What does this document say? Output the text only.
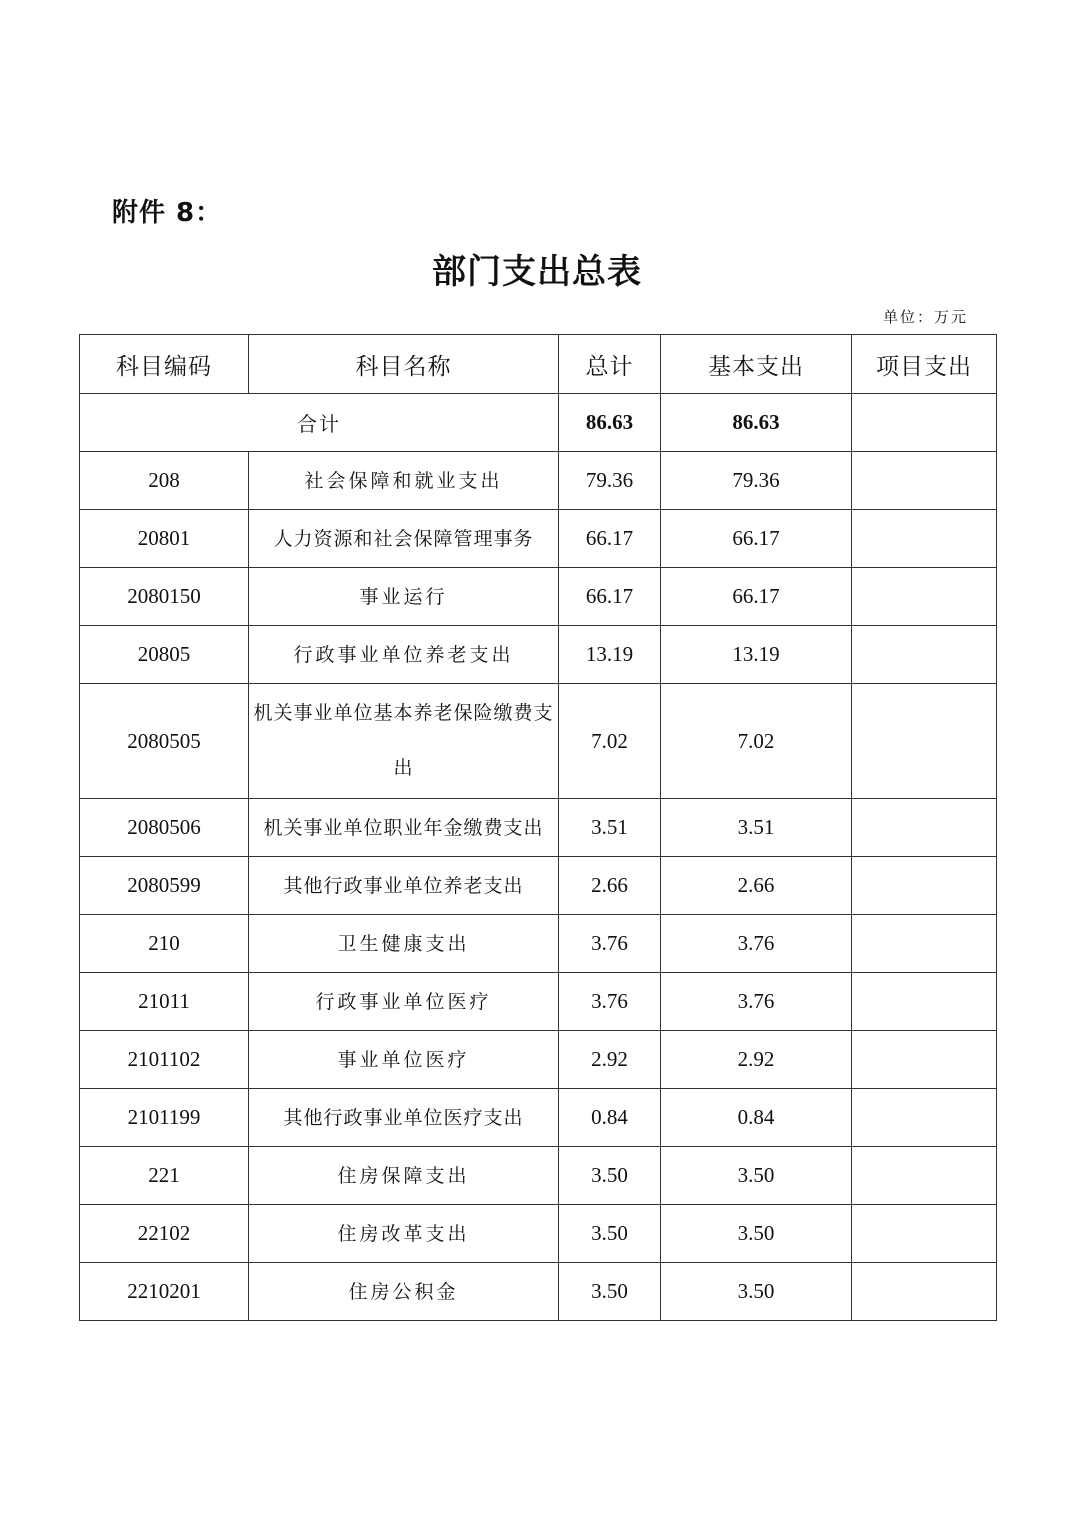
附件 8：
部门支出总表
单位：万元
科目编码	科目名称	总计	基本支出	项目支出
合计		86.63	86.63	
208	社会保障和就业支出	79.36	79.36	
20801	人力资源和社会保障管理事务	66.17	66.17	
2080150	事业运行	66.17	66.17	
20805	行政事业单位养老支出	13.19	13.19	
2080505	机关事业单位基本养老保险缴费支出	7.02	7.02	
2080506	机关事业单位职业年金缴费支出	3.51	3.51	
2080599	其他行政事业单位养老支出	2.66	2.66	
210	卫生健康支出	3.76	3.76	
21011	行政事业单位医疗	3.76	3.76	
2101102	事业单位医疗	2.92	2.92	
2101199	其他行政事业单位医疗支出	0.84	0.84	
221	住房保障支出	3.50	3.50	
22102	住房改革支出	3.50	3.50	
2210201	住房公积金	3.50	3.50	
